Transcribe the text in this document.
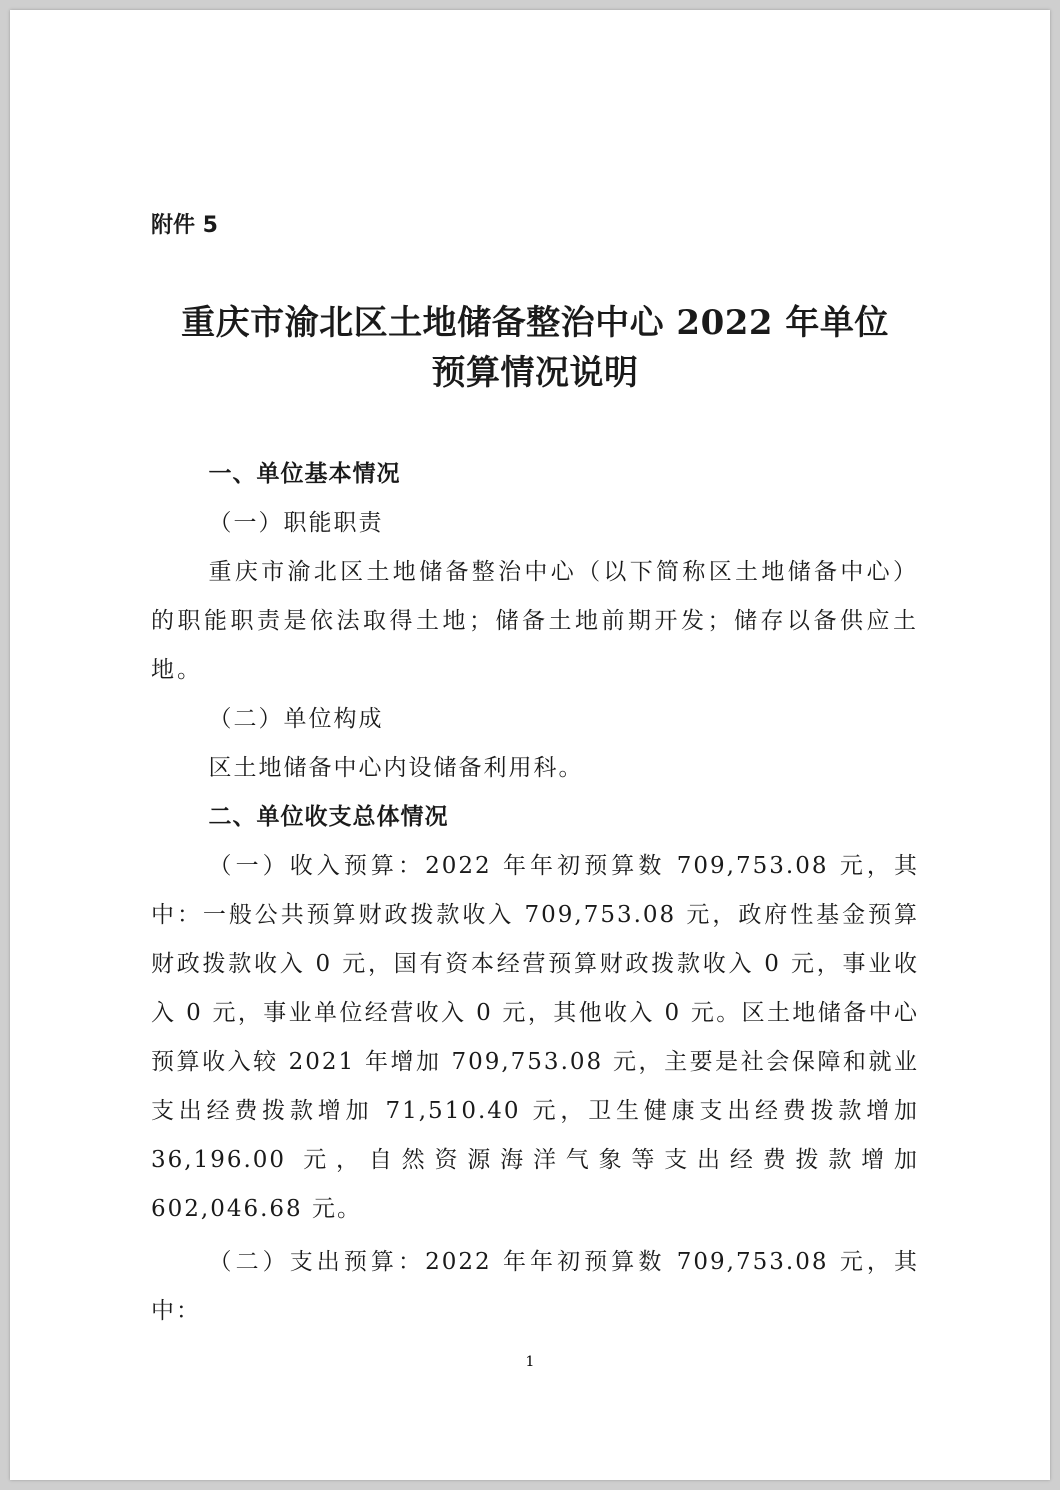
附件 5
重庆市渝北区土地储备整治中心 2022 年单位
预算情况说明

一、单位基本情况

（一）职能职责

重庆市渝北区土地储备整治中心（以下简称区土地储备中心）的职能职责是依法取得土地；储备土地前期开发；储存以备供应土地。

（二）单位构成

区土地储备中心内设储备利用科。

二、单位收支总体情况

（一）收入预算：2022 年年初预算数 709,753.08 元，其中：一般公共预算财政拨款收入 709,753.08 元，政府性基金预算财政拨款收入 0 元，国有资本经营预算财政拨款收入 0 元，事业收入 0 元，事业单位经营收入 0 元，其他收入 0 元。区土地储备中心预算收入较 2021 年增加 709,753.08 元，主要是社会保障和就业支出经费拨款增加 71,510.40 元，卫生健康支出经费拨款增加 36,196.00 元，自然资源海洋气象等支出经费拨款增加 602,046.68 元。

（二）支出预算：2022 年年初预算数 709,753.08 元，其中：

1
